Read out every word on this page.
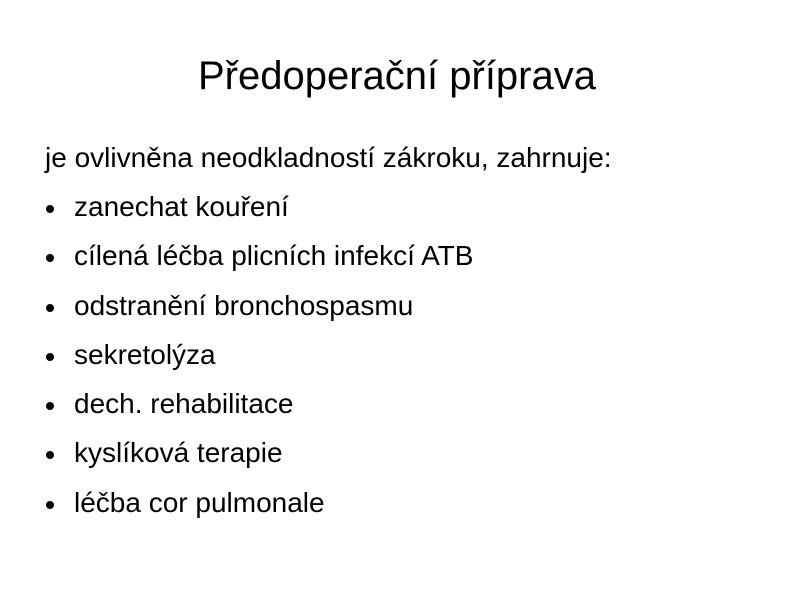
Předoperační příprava

je ovlivněna neodkladností zákroku, zahrnuje:

zanechat kouření
cílená léčba plicních infekcí ATB
odstranění bronchospasmu
sekretolýza
dech. rehabilitace
kyslíková terapie
léčba cor pulmonale
